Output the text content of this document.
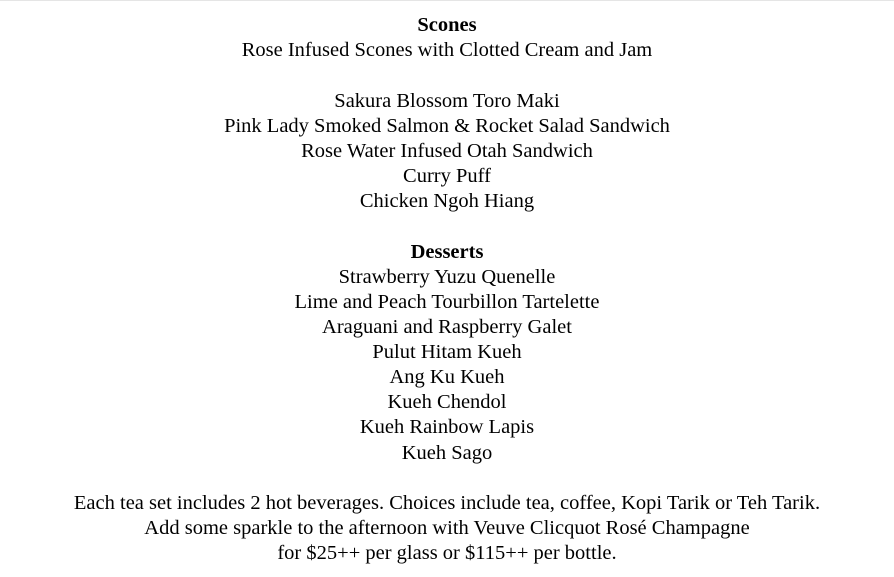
Scones
Rose Infused Scones with Clotted Cream and Jam
Sakura Blossom Toro Maki
Pink Lady Smoked Salmon & Rocket Salad Sandwich
Rose Water Infused Otah Sandwich
Curry Puff
Chicken Ngoh Hiang
Desserts
Strawberry Yuzu Quenelle
Lime and Peach Tourbillon Tartelette
Araguani and Raspberry Galet
Pulut Hitam Kueh
Ang Ku Kueh
Kueh Chendol
Kueh Rainbow Lapis
Kueh Sago
Each tea set includes 2 hot beverages. Choices include tea, coffee, Kopi Tarik or Teh Tarik.
Add some sparkle to the afternoon with Veuve Clicquot Rosé Champagne
for $25++ per glass or $115++ per bottle.
